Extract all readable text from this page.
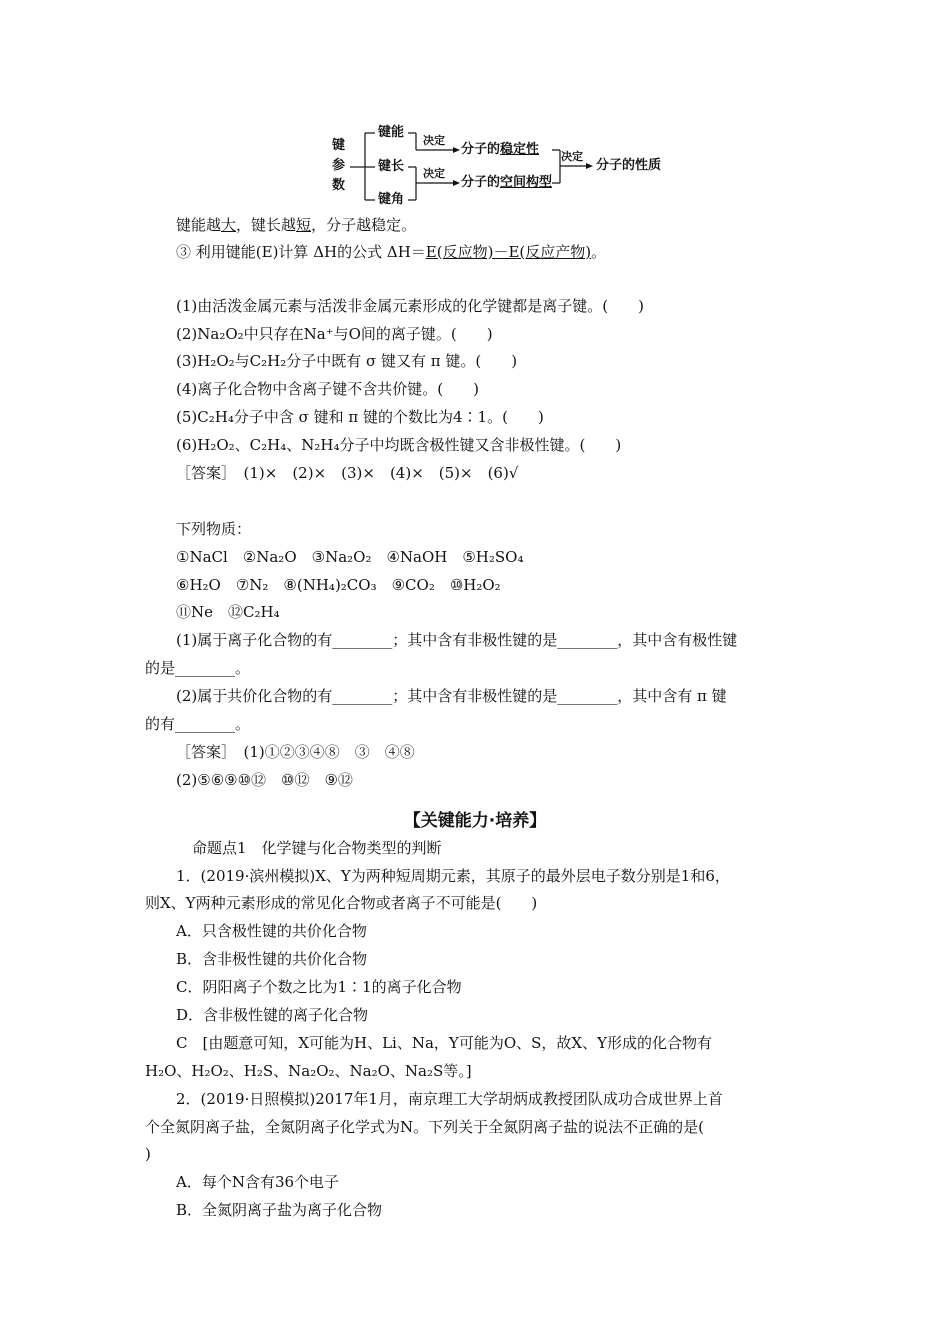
键
参
数
键能
键长
键角
决定
决定
决定
分子的稳定性
分子的空间构型
分子的性质
键能越大，键长越短，分子越稳定。
③ 利用键能(E)计算 ΔH的公式 ΔH＝E(反应物)－E(反应产物)。
(1)由活泼金属元素与活泼非金属元素形成的化学键都是离子键。(　　)
(2)Na₂O₂中只存在Na⁺与O间的离子键。(　　)
(3)H₂O₂与C₂H₂分子中既有 σ 键又有 π 键。(　　)
(4)离子化合物中含离子键不含共价键。(　　)
(5)C₂H₄分子中含 σ 键和 π 键的个数比为4∶1。(　　)
(6)H₂O₂、C₂H₄、N₂H₄分子中均既含极性键又含非极性键。(　　)
［答案］　(1)×　(2)×　(3)×　(4)×　(5)×　(6)√
下列物质：
①NaCl　②Na₂O　③Na₂O₂　④NaOH　⑤H₂SO₄
⑥H₂O　⑦N₂　⑧(NH₄)₂CO₃　⑨CO₂　⑩H₂O₂
⑪Ne　⑫C₂H₄
(1)属于离子化合物的有________；其中含有非极性键的是________，其中含有极性键
的是________。
(2)属于共价化合物的有________；其中含有非极性键的是________，其中含有 π 键
的有________。
［答案］　(1)①②③④⑧　③　④⑧
(2)⑤⑥⑨⑩⑫　⑩⑫　⑨⑫
【关键能力·培养】
命题点1　化学键与化合物类型的判断
1．(2019·滨州模拟)X、Y为两种短周期元素，其原子的最外层电子数分别是1和6，
则X、Y两种元素形成的常见化合物或者离子不可能是(　　)
A．只含极性键的共价化合物
B．含非极性键的共价化合物
C．阴阳离子个数之比为1∶1的离子化合物
D．含非极性键的离子化合物
C　[由题意可知，X可能为H、Li、Na，Y可能为O、S，故X、Y形成的化合物有
H₂O、H₂O₂、H₂S、Na₂O₂、Na₂O、Na₂S等。]
2．(2019·日照模拟)2017年1月，南京理工大学胡炳成教授团队成功合成世界上首
个全氮阴离子盐，全氮阴离子化学式为N。下列关于全氮阴离子盐的说法不正确的是(
)
A．每个N含有36个电子
B．全氮阴离子盐为离子化合物
